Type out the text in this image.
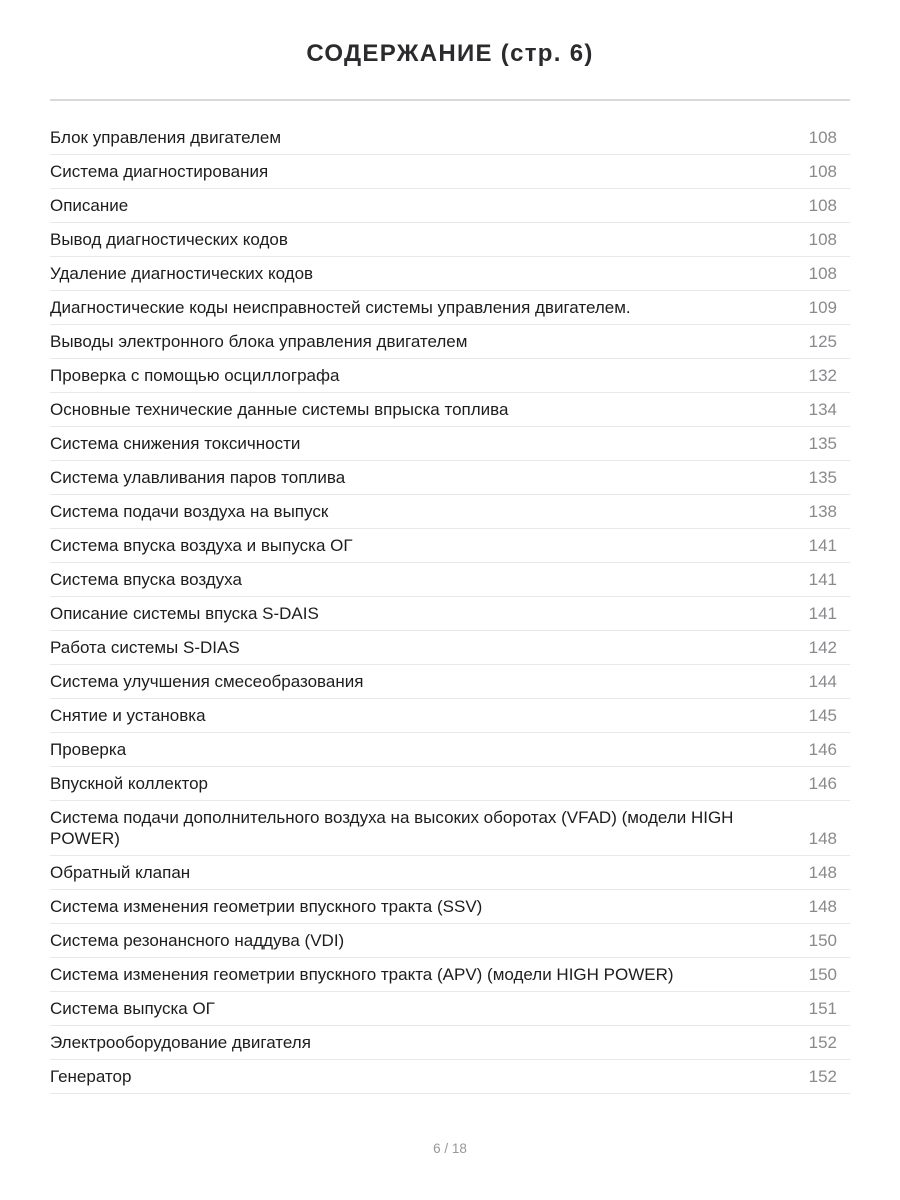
СОДЕРЖАНИЕ (стр. 6)
Блок управления двигателем	108
Система диагностирования	108
Описание	108
Вывод диагностических кодов	108
Удаление диагностических кодов	108
Диагностические коды неисправностей системы управления двигателем.	109
Выводы электронного блока управления двигателем	125
Проверка с помощью осциллографа	132
Основные технические данные системы впрыска топлива	134
Система снижения токсичности	135
Система улавливания паров топлива	135
Система подачи воздуха на выпуск	138
Система впуска воздуха и выпуска ОГ	141
Система впуска воздуха	141
Описание системы впуска S-DAIS	141
Работа системы S-DIAS	142
Система улучшения смесеобразования	144
Снятие и установка	145
Проверка	146
Впускной коллектор	146
Система подачи дополнительного воздуха на высоких оборотах (VFAD) (модели HIGH POWER)	148
Обратный клапан	148
Система изменения геометрии впускного тракта (SSV)	148
Система резонансного наддува (VDI)	150
Система изменения геометрии впускного тракта (APV) (модели HIGH POWER)	150
Система выпуска ОГ	151
Электрооборудование двигателя	152
Генератор	152
6 / 18
